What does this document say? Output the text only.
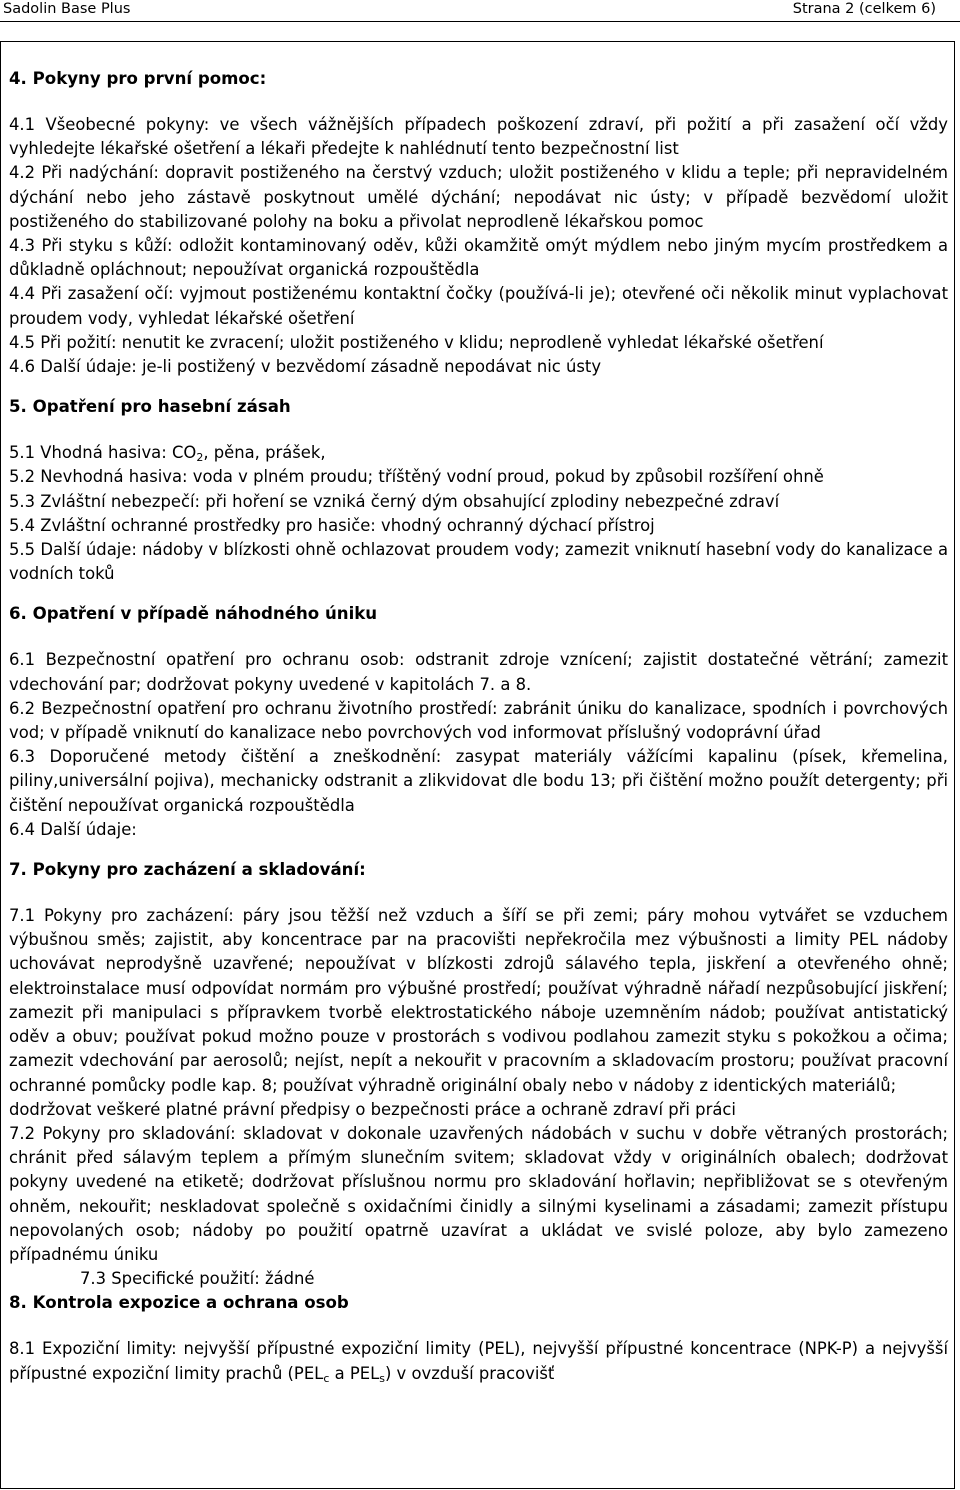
Sadolin Base Plus	Strana 2 (celkem 6)

4. Pokyny pro první pomoc:

4.1 Všeobecné pokyny: ve všech vážnějších případech poškození zdraví, při požití a při zasažení očí vždy vyhledejte lékařské ošetření a lékaři předejte k nahlédnutí tento bezpečnostní list

4.2 Při nadýchání: dopravit postiženého na čerstvý vzduch; uložit postiženého v klidu a teple; při nepravidelném dýchání nebo jeho zástavě poskytnout umělé dýchání; nepodávat nic ústy; v případě bezvědomí uložit postiženého do stabilizované polohy na boku a přivolat neprodleně lékařskou pomoc

4.3 Při styku s kůží: odložit kontaminovaný oděv, kůži okamžitě omýt mýdlem nebo jiným mycím prostředkem a důkladně opláchnout; nepoužívat organická rozpouštědla

4.4 Při zasažení očí: vyjmout postiženému kontaktní čočky (používá-li je); otevřené oči několik minut vyplachovat proudem vody, vyhledat lékařské ošetření

4.5 Při požití: nenutit ke zvracení; uložit postiženého v klidu; neprodleně vyhledat lékařské ošetření

4.6 Další údaje: je-li postižený v bezvědomí zásadně nepodávat nic ústy

5. Opatření pro hasební zásah

5.1 Vhodná hasiva: $CO_2$, pěna, prášek,

5.2 Nevhodná hasiva: voda v plném proudu; tříštěný vodní proud, pokud by způsobil rozšíření ohně

5.3 Zvláštní nebezpečí: při hoření se vzniká černý dým obsahující zplodiny nebezpečné zdraví

5.4 Zvláštní ochranné prostředky pro hasiče: vhodný ochranný dýchací přístroj

5.5 Další údaje: nádoby v blízkosti ohně ochlazovat proudem vody; zamezit vniknutí hasební vody do kanalizace a vodních toků

6. Opatření v případě náhodného úniku

6.1 Bezpečnostní opatření pro ochranu osob: odstranit zdroje vznícení; zajistit dostatečné větrání; zamezit vdechování par; dodržovat pokyny uvedené v kapitolách 7. a 8.

6.2 Bezpečnostní opatření pro ochranu životního prostředí: zabránit úniku do kanalizace, spodních i povrchových vod; v případě vniknutí do kanalizace nebo povrchových vod informovat příslušný vodoprávní úřad

6.3 Doporučené metody čištění a zneškodnění: zasypat materiály vážícími kapalinu (písek, křemelina, piliny,universální pojiva), mechanicky odstranit a zlikvidovat dle bodu 13; při čištění možno použít detergenty; při čištění nepoužívat organická rozpouštědla

6.4 Další údaje:

7. Pokyny pro zacházení a skladování:

7.1 Pokyny pro zacházení: páry jsou těžší než vzduch a šíří se při zemi; páry mohou vytvářet se vzduchem výbušnou směs; zajistit, aby koncentrace par na pracovišti nepřekročila mez výbušnosti a limity PEL nádoby uchovávat neprodyšně uzavřené; nepoužívat v blízkosti zdrojů sálavého tepla, jiskření a otevřeného ohně; elektroinstalace musí odpovídat normám pro výbušné prostředí; používat výhradně nářadí nezpůsobující jiskření; zamezit při manipulaci s přípravkem tvorbě elektrostatického náboje uzemněním nádob; používat antistatický oděv a obuv; používat pokud možno pouze v prostorách s vodivou podlahou zamezit styku s pokožkou a očima; zamezit vdechování par aerosolů; nejíst, nepít a nekouřit v pracovním a skladovacím prostoru; používat pracovní ochranné pomůcky podle kap. 8; používat výhradně originální obaly nebo v nádoby z identických materiálů;

dodržovat veškeré platné právní předpisy o bezpečnosti práce a ochraně zdraví při práci

7.2 Pokyny pro skladování: skladovat v dokonale uzavřených nádobách v suchu v dobře větraných prostorách; chránit před sálavým teplem a přímým slunečním svitem; skladovat vždy v originálních obalech; dodržovat pokyny uvedené na etiketě; dodržovat příslušnou normu pro skladování hořlavin; nepřibližovat se s otevřeným ohněm, nekouřit; neskladovat společně s oxidačními činidly a silnými kyselinami a zásadami; zamezit přístupu nepovolaných osob; nádoby po použití opatrně uzavírat a ukládat ve svislé poloze, aby bylo zamezeno případnému úniku

7.3 Specifické použití: žádné

8. Kontrola expozice a ochrana osob

8.1 Expoziční limity: nejvyšší přípustné expoziční limity (PEL), nejvyšší přípustné koncentrace (NPK-P) a nejvyšší přípustné expoziční limity prachů ($PEL_c$ a $PEL_s$) v ovzduší pracovišť
